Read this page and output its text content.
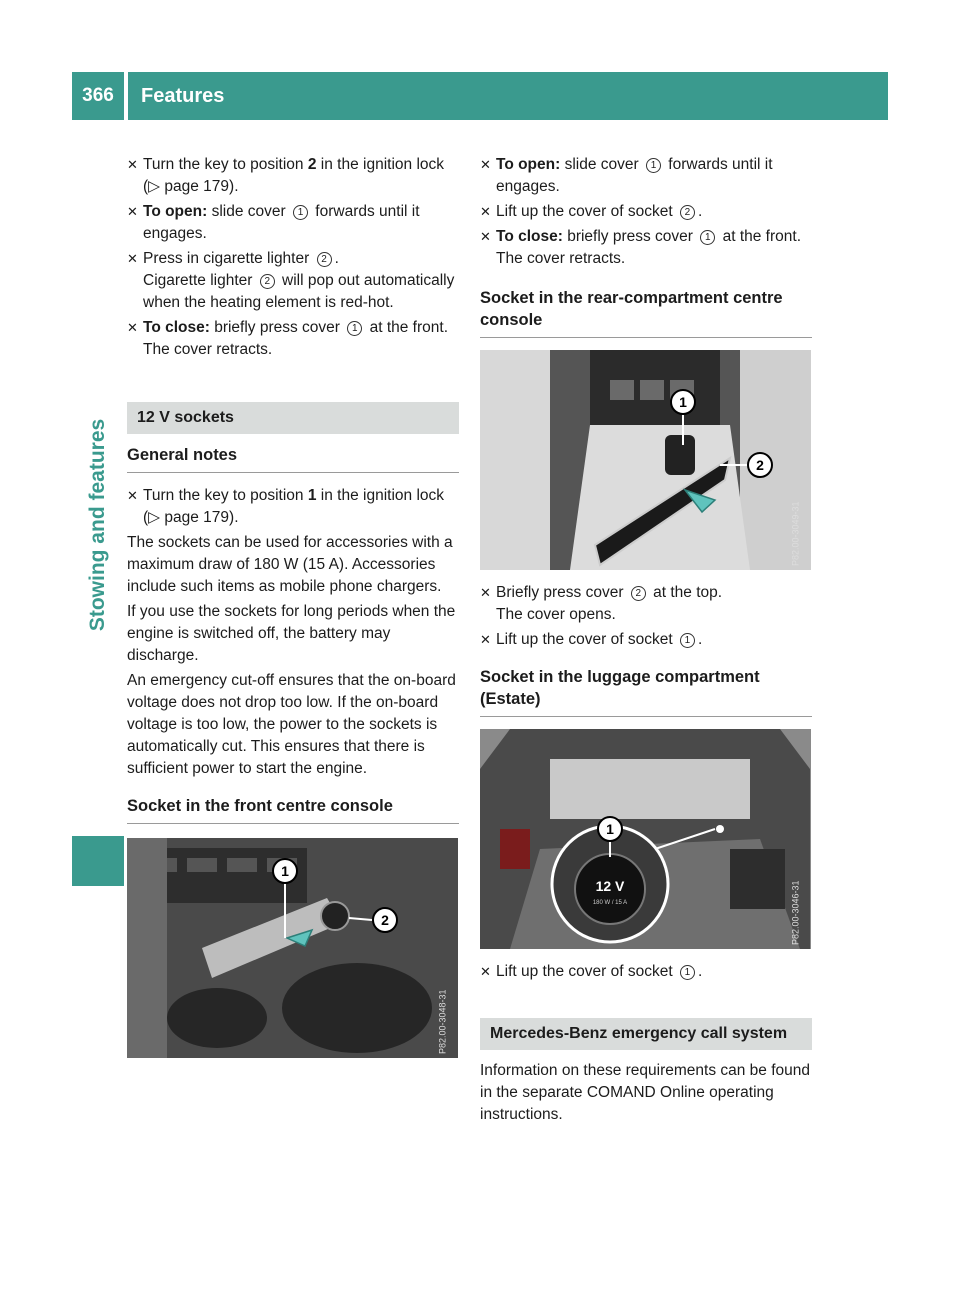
366	Features
Stowing and features
✕ Turn the key to position 2 in the ignition lock (▷ page 179).
✕ To open: slide cover 1 forwards until it engages.
✕ Press in cigarette lighter 2 .
Cigarette lighter 2 will pop out automatically when the heating element is red-hot.
✕ To close: briefly press cover 1 at the front.
The cover retracts.
12 V sockets
General notes
✕ Turn the key to position 1 in the ignition lock (▷ page 179).

The sockets can be used for accessories with a maximum draw of 180 W (15 A). Accessories include such items as mobile phone chargers.

If you use the sockets for long periods when the engine is switched off, the battery may discharge.

An emergency cut-off ensures that the on-board voltage does not drop too low. If the on-board voltage is too low, the power to the sockets is automatically cut. This ensures that there is sufficient power to start the engine.

Socket in the front centre console
1
2
P82.00-3048-31
✕ To open: slide cover 1 forwards until it engages.
✕ Lift up the cover of socket 2 .
✕ To close: briefly press cover 1 at the front.
The cover retracts.
Socket in the rear-compartment centre console
1
2
P82.00-3049-31
✕ Briefly press cover 2 at the top.
The cover opens.
✕ Lift up the cover of socket 1 .
Socket in the luggage compartment (Estate)
12 V
180 W / 15 A
1
P82.00-3046-31
✕ Lift up the cover of socket 1 .
Mercedes-Benz emergency call system

Information on these requirements can be found in the separate COMAND Online operating instructions.
